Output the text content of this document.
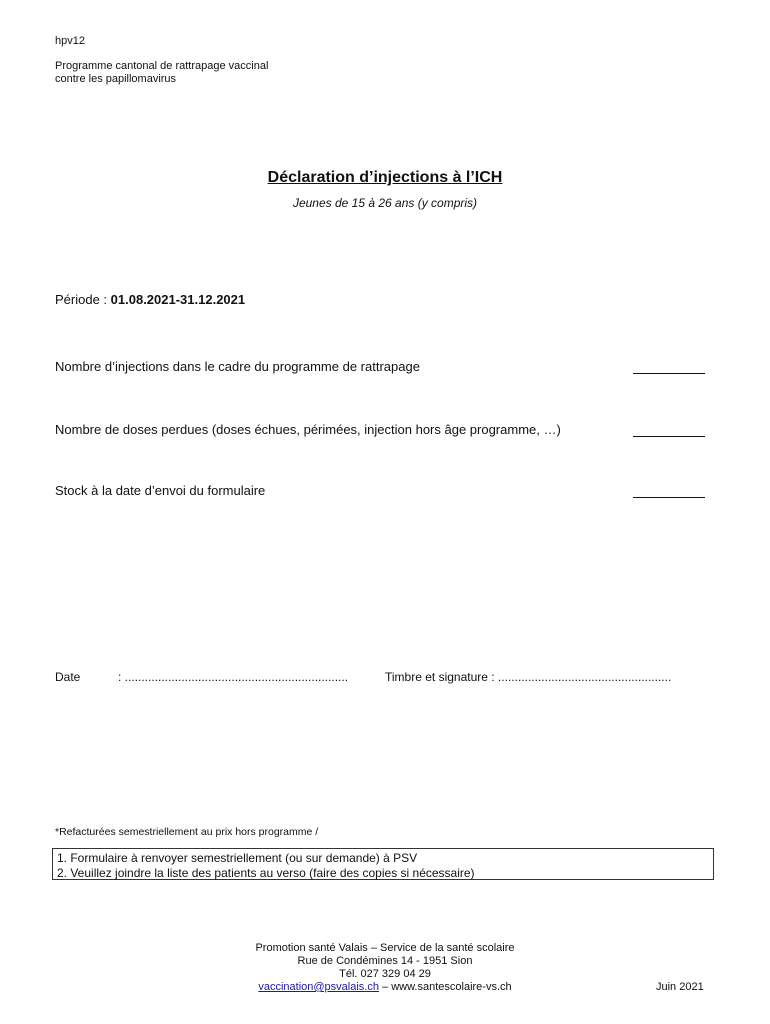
hpv12
Programme cantonal de rattrapage vaccinal
contre les papillomavirus
Déclaration d’injections à l’ICH
Jeunes de 15 à 26 ans (y compris)
Période : 01.08.2021-31.12.2021
Nombre d’injections dans le cadre du programme de rattrapage
Nombre de doses perdues (doses échues, périmées, injection hors âge programme, …)
Stock à la date d’envoi du formulaire
Date	: ...................................................................	Timbre et signature : ....................................................
*Refacturées semestriellement au prix hors programme /
1. Formulaire à renvoyer semestriellement (ou sur demande) à PSV
2. Veuillez joindre la liste des patients au verso (faire des copies si nécessaire)
Promotion santé Valais – Service de la santé scolaire
Rue de Condémines 14 - 1951 Sion
Tél. 027 329 04 29
vaccination@psvalais.ch – www.santescolaire-vs.ch	Juin 2021
